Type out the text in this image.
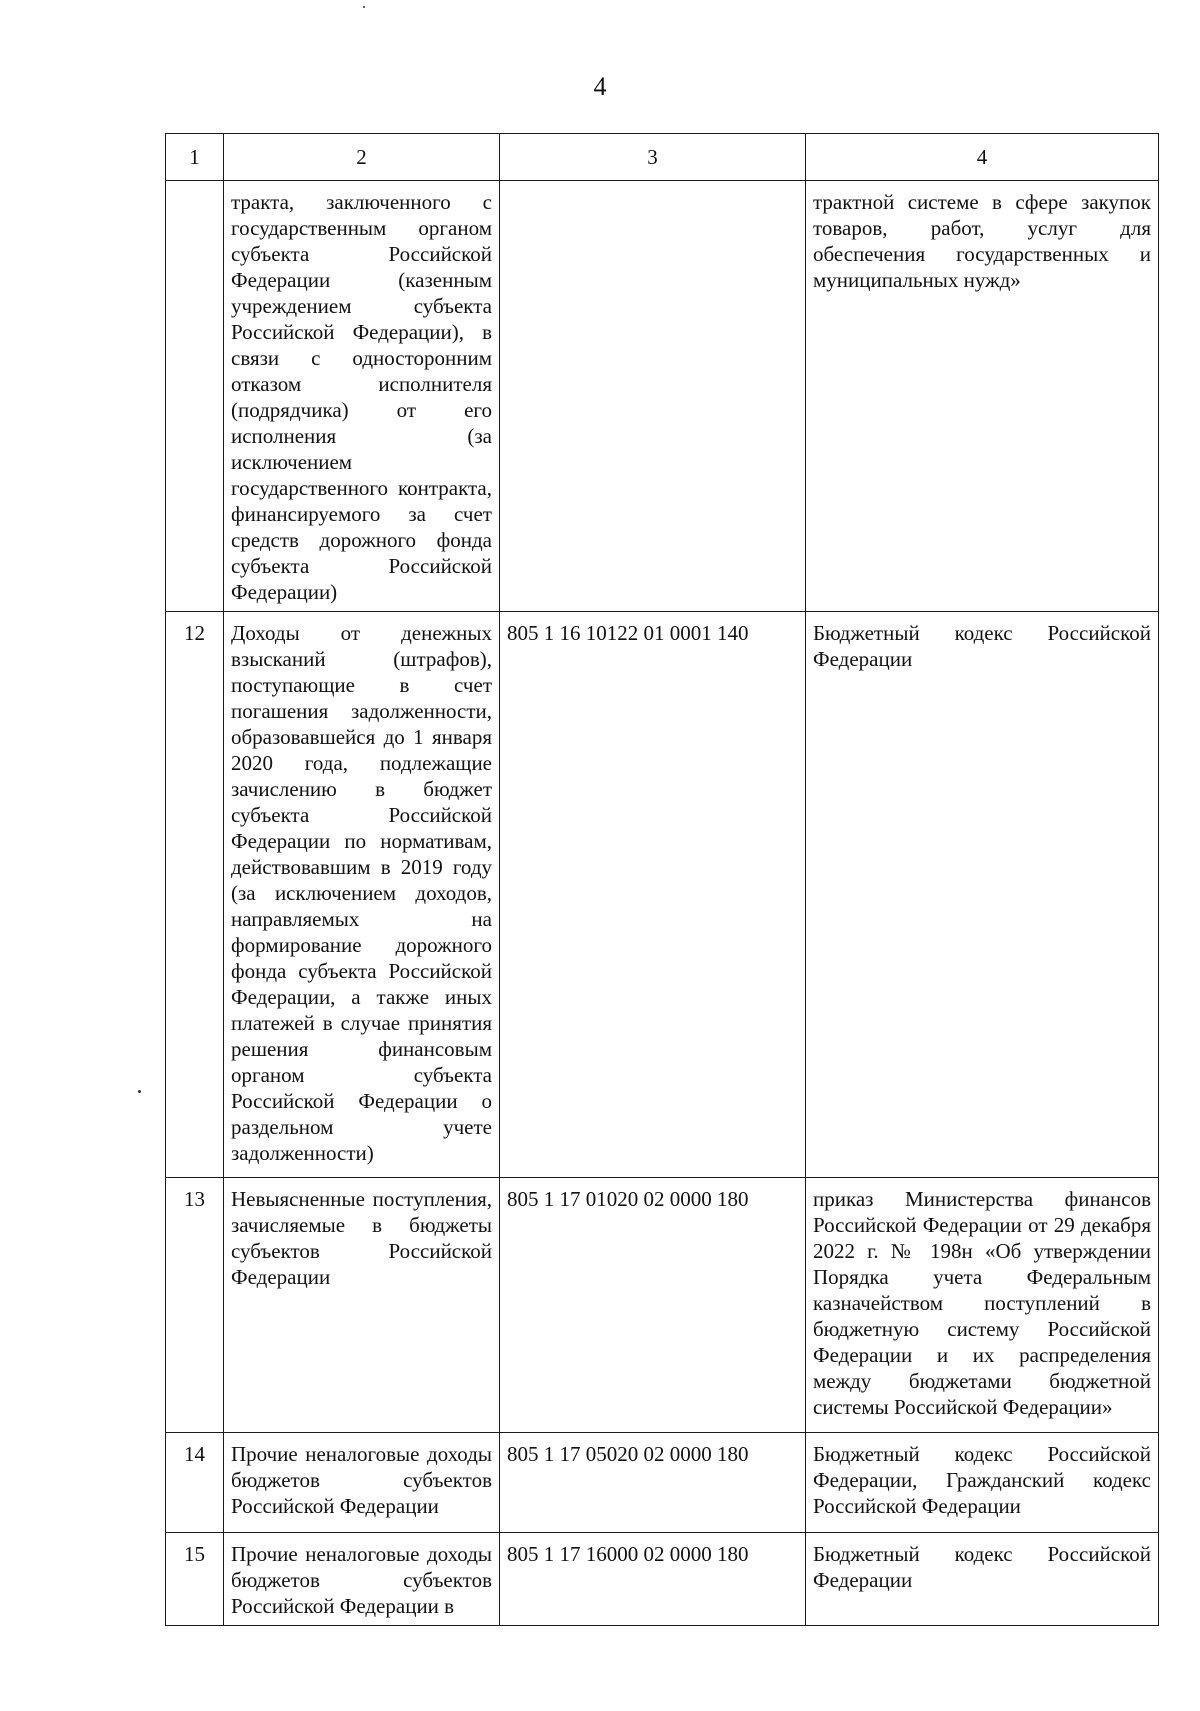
4
1	2	3	4

	тракта, заключенного с государственным органом субъекта Российской Федерации (казенным учреждением субъекта Российской Федерации), в связи с односторонним отказом исполнителя (подрядчика) от его исполнения (за исключением государственного контракта, финансируемого за счет средств дорожного фонда субъекта Российской Федерации)		трактной системе в сфере закупок товаров, работ, услуг для обеспечения государственных и муниципальных нужд»

12	Доходы от денежных взысканий (штрафов), поступающие в счет погашения задолженности, образовавшейся до 1 января 2020 года, подлежащие зачислению в бюджет субъекта Российской Федерации по нормативам, действовавшим в 2019 году (за исключением доходов, направляемых на формирование дорожного фонда субъекта Российской Федерации, а также иных платежей в случае принятия решения финансовым органом субъекта Российской Федерации о раздельном учете задолженности)	805 1 16 10122 01 0001 140	Бюджетный кодекс Российской Федерации

13	Невыясненные поступления, зачисляемые в бюджеты субъектов Российской Федерации	805 1 17 01020 02 0000 180	приказ Министерства финансов Российской Федерации от 29 декабря 2022 г. № 198н «Об утверждении Порядка учета Федеральным казначейством поступлений в бюджетную систему Российской Федерации и их распределения между бюджетами бюджетной системы Российской Федерации»

14	Прочие неналоговые доходы бюджетов субъектов Российской Федерации	805 1 17 05020 02 0000 180	Бюджетный кодекс Российской Федерации, Гражданский кодекс Российской Федерации

15	Прочие неналоговые доходы бюджетов субъектов Российской Федерации в	805 1 17 16000 02 0000 180	Бюджетный кодекс Российской Федерации
